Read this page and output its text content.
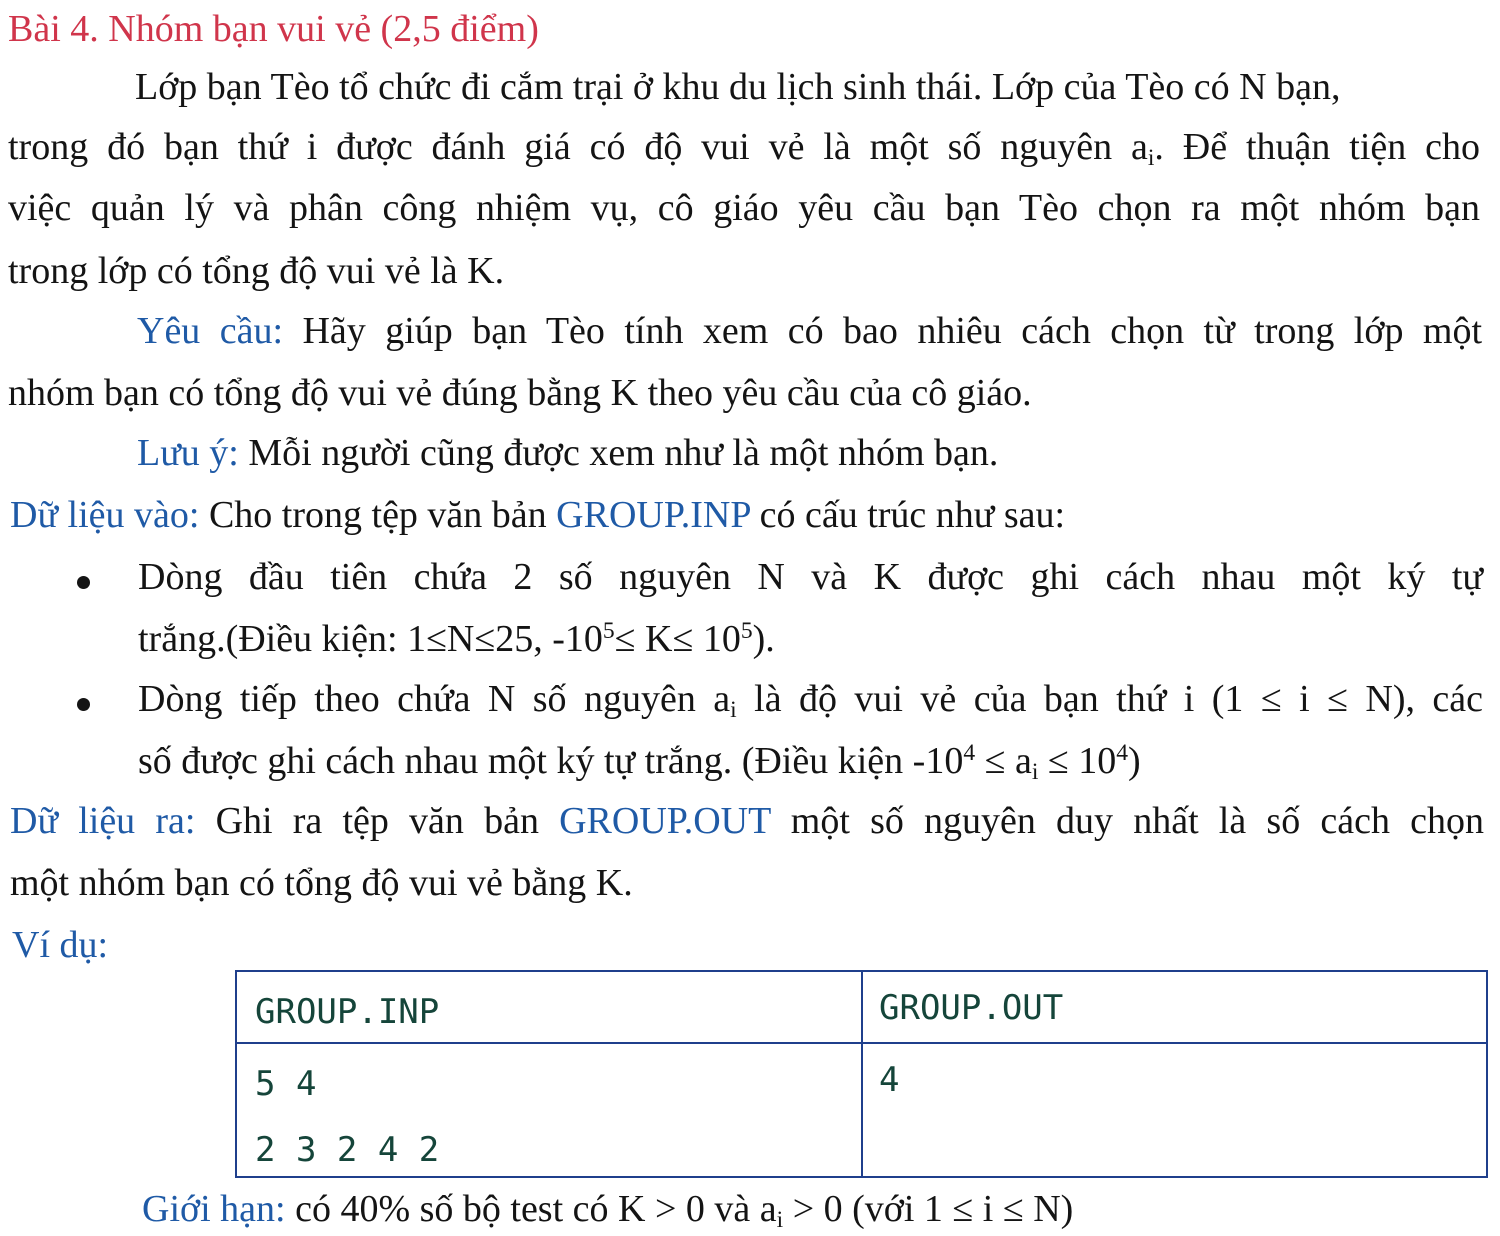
Bài 4. Nhóm bạn vui vẻ (2,5 điểm)
Lớp bạn Tèo tổ chức đi cắm trại ở khu du lịch sinh thái. Lớp của Tèo có N bạn,
trong đó bạn thứ i được đánh giá có độ vui vẻ là một số nguyên $a_i$. Để thuận tiện cho
việc quản lý và phân công nhiệm vụ, cô giáo yêu cầu bạn Tèo chọn ra một nhóm bạn
trong lớp có tổng độ vui vẻ là K.
Yêu cầu: Hãy giúp bạn Tèo tính xem có bao nhiêu cách chọn từ trong lớp một
nhóm bạn có tổng độ vui vẻ đúng bằng K theo yêu cầu của cô giáo.
Lưu ý: Mỗi người cũng được xem như là một nhóm bạn.
Dữ liệu vào: Cho trong tệp văn bản GROUP.INP có cấu trúc như sau:
Dòng đầu tiên chứa 2 số nguyên N và K được ghi cách nhau một ký tự
trắng.(Điều kiện: 1≤N≤25, $-10^5\le K\le 10^5$).
Dòng tiếp theo chứa N số nguyên $a_i$ là độ vui vẻ của bạn thứ i (1 ≤ i ≤ N), các
số được ghi cách nhau một ký tự trắng. (Điều kiện $-10^4 \le a_i \le 10^4$)
Dữ liệu ra: Ghi ra tệp văn bản GROUP.OUT một số nguyên duy nhất là số cách chọn
một nhóm bạn có tổng độ vui vẻ bằng K.
Ví dụ:
GROUP.INP	GROUP.OUT
5 4
2 3 2 4 2
4
Giới hạn: có 40% số bộ test có K > 0 và $a_i > 0$ (với 1 ≤ i ≤ N)
